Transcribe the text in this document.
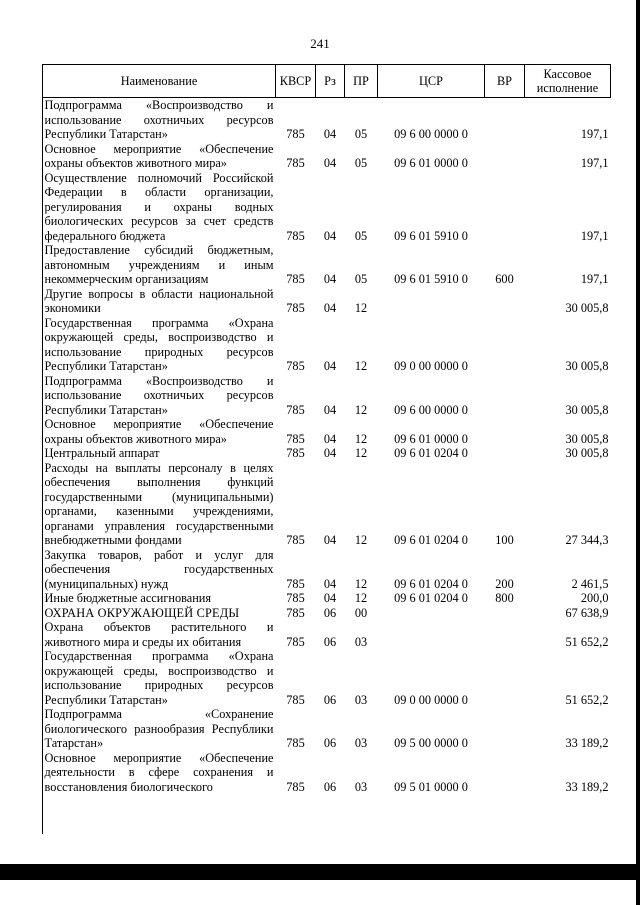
241
Наименование	КВСР	Рз	ПР	ЦСР	ВР	Кассовое исполнение
Подпрограмма «Воспроизводство и использование охотничьих ресурсов Республики Татарстан»	785	04	05	09 6 00 0000 0		197,1
Основное мероприятие «Обеспечение охраны объектов животного мира»	785	04	05	09 6 01 0000 0		197,1
Осуществление полномочий Российской Федерации в области организации, регулирования и охраны водных биологических ресурсов за счет средств федерального бюджета	785	04	05	09 6 01 5910 0		197,1
Предоставление субсидий бюджетным, автономным учреждениям и иным некоммерческим организациям	785	04	05	09 6 01 5910 0	600	197,1
Другие вопросы в области национальной экономики	785	04	12			30 005,8
Государственная программа «Охрана окружающей среды, воспроизводство и использование природных ресурсов Республики Татарстан»	785	04	12	09 0 00 0000 0		30 005,8
Подпрограмма «Воспроизводство и использование охотничьих ресурсов Республики Татарстан»	785	04	12	09 6 00 0000 0		30 005,8
Основное мероприятие «Обеспечение охраны объектов животного мира»	785	04	12	09 6 01 0000 0		30 005,8
Центральный аппарат	785	04	12	09 6 01 0204 0		30 005,8
Расходы на выплаты персоналу в целях обеспечения выполнения функций государственными (муниципальными) органами, казенными учреждениями, органами управления государственными внебюджетными фондами	785	04	12	09 6 01 0204 0	100	27 344,3
Закупка товаров, работ и услуг для обеспечения государственных (муниципальных) нужд	785	04	12	09 6 01 0204 0	200	2 461,5
Иные бюджетные ассигнования	785	04	12	09 6 01 0204 0	800	200,0
ОХРАНА ОКРУЖАЮЩЕЙ СРЕДЫ	785	06	00			67 638,9
Охрана объектов растительного и животного мира и среды их обитания	785	06	03			51 652,2
Государственная программа «Охрана окружающей среды, воспроизводство и использование природных ресурсов Республики Татарстан»	785	06	03	09 0 00 0000 0		51 652,2
Подпрограмма «Сохранение биологического разнообразия Республики Татарстан»	785	06	03	09 5 00 0000 0		33 189,2
Основное мероприятие «Обеспечение деятельности в сфере сохранения и восстановления биологического	785	06	03	09 5 01 0000 0		33 189,2
